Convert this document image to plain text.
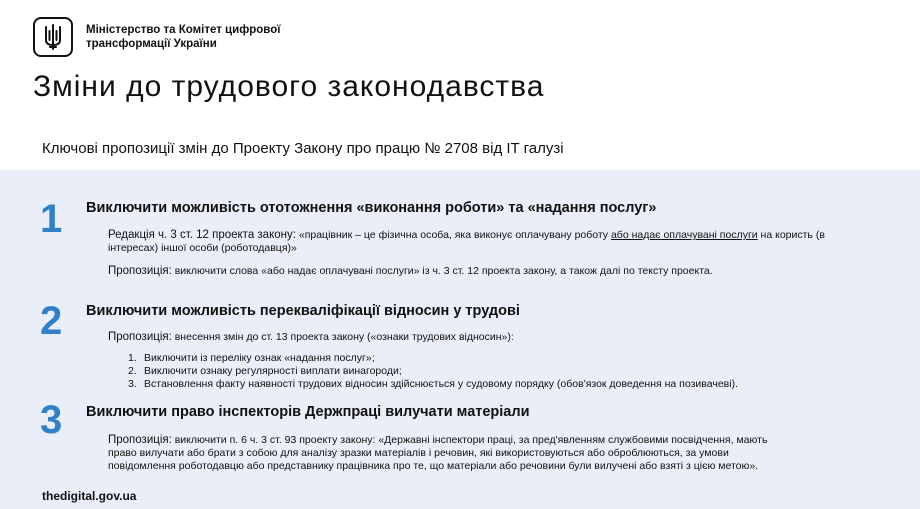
Міністерство та Комітет цифрової
трансформації України
Зміни до трудового законодавства
Ключові пропозиції змін до Проекту Закону про працю № 2708 від IT галузі
1 Виключити можливість ототожнення «виконання роботи» та «надання послуг»
Редакція ч. 3 ст. 12 проекта закону: «працівник – це фізична особа, яка виконує оплачувану роботу або надає оплачувані послуги на користь (в інтересах) іншої особи (роботодавця)»
Пропозиція: виключити слова «або надає оплачувані послуги» із ч. 3 ст. 12 проекта закону, а також далі по тексту проекта.
2 Виключити можливість перекваліфікації відносин у трудові
Пропозиція: внесення змін до ст. 13 проекта закону («ознаки трудових відносин»):
1. Виключити із переліку ознак «надання послуг»;
2. Виключити ознаку регулярності виплати винагороди;
3. Встановлення факту наявності трудових відносин здійснюється у судовому порядку (обов'язок доведення на позивачеві).
3 Виключити право інспекторів Держпраці вилучати матеріали
Пропозиція: виключити п. 6 ч. 3 ст. 93 проекту закону: «Державні інспектори праці, за пред'явленням службовими посвідчення, мають
право вилучати або брати з собою для аналізу зразки матеріалів і речовин, які використовуються або оброблюються, за умови
повідомлення роботодавцю або представнику працівника про те, що матеріали або речовини були вилучені або взяті з цією метою».
thedigital.gov.ua
